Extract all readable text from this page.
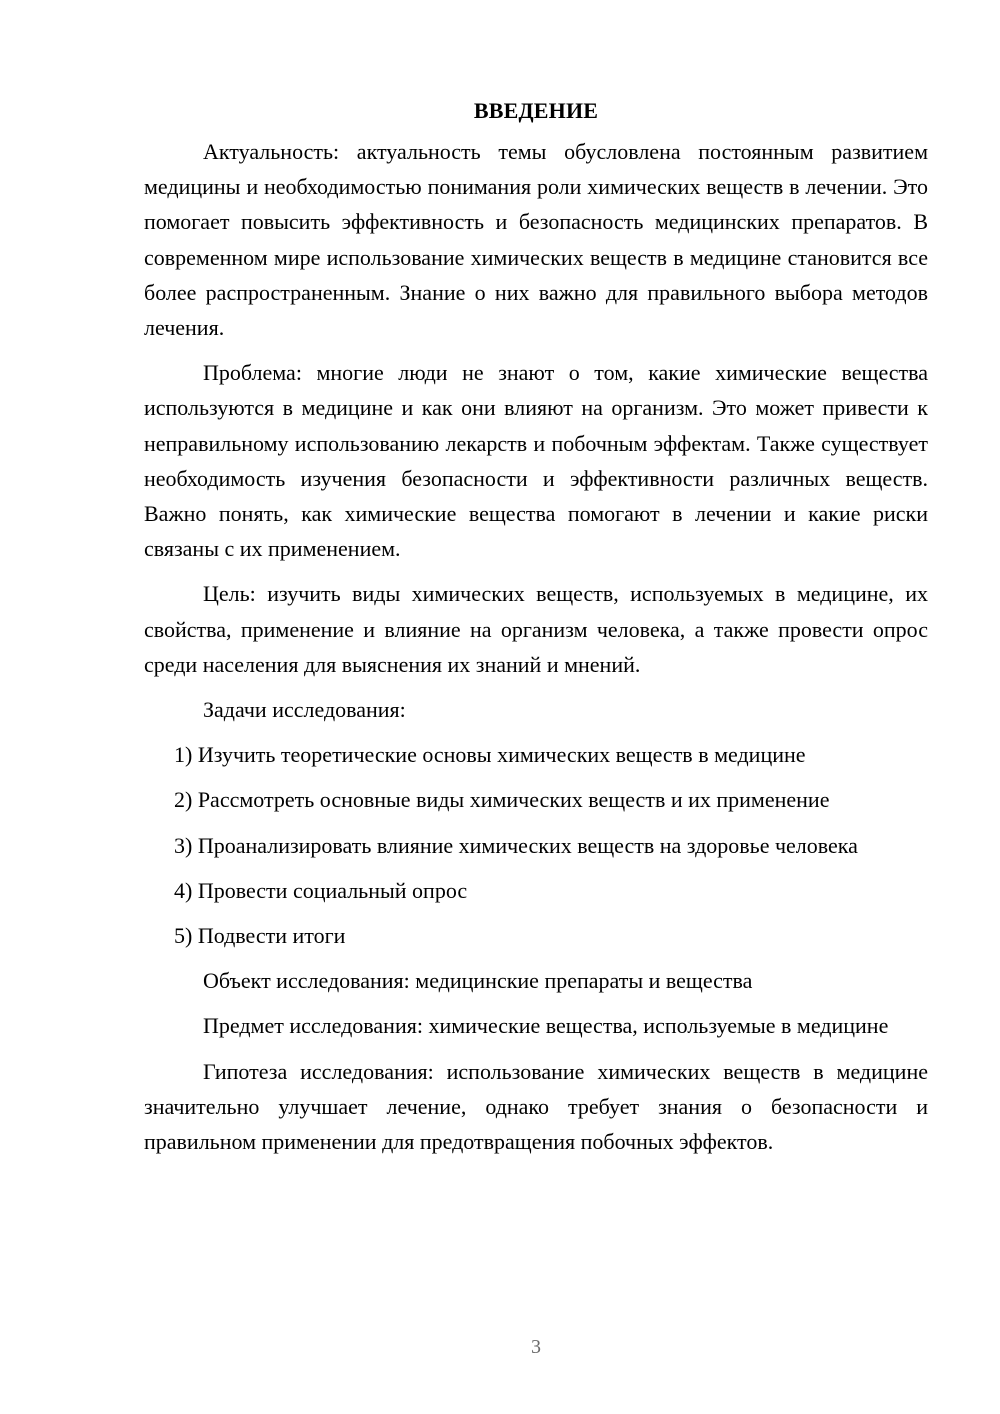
ВВЕДЕНИЕ

Актуальность: актуальность темы обусловлена постоянным развитием медицины и необходимостью понимания роли химических веществ в лечении. Это помогает повысить эффективность и безопасность медицинских препаратов. В современном мире использование химических веществ в медицине становится все более распространенным. Знание о них важно для правильного выбора методов лечения.

Проблема: многие люди не знают о том, какие химические вещества используются в медицине и как они влияют на организм. Это может привести к неправильному использованию лекарств и побочным эффектам. Также существует необходимость изучения безопасности и эффективности различных веществ. Важно понять, как химические вещества помогают в лечении и какие риски связаны с их применением.

Цель: изучить виды химических веществ, используемых в медицине, их свойства, применение и влияние на организм человека, а также провести опрос среди населения для выяснения их знаний и мнений.

Задачи исследования:

1) Изучить теоретические основы химических веществ в медицине

2) Рассмотреть основные виды химических веществ и их применение

3) Проанализировать влияние химических веществ на здоровье человека

4) Провести социальный опрос

5) Подвести итоги

Объект исследования: медицинские препараты и вещества

Предмет исследования: химические вещества, используемые в медицине

Гипотеза исследования: использование химических веществ в медицине значительно улучшает лечение, однако требует знания о безопасности и правильном применении для предотвращения побочных эффектов.

3
